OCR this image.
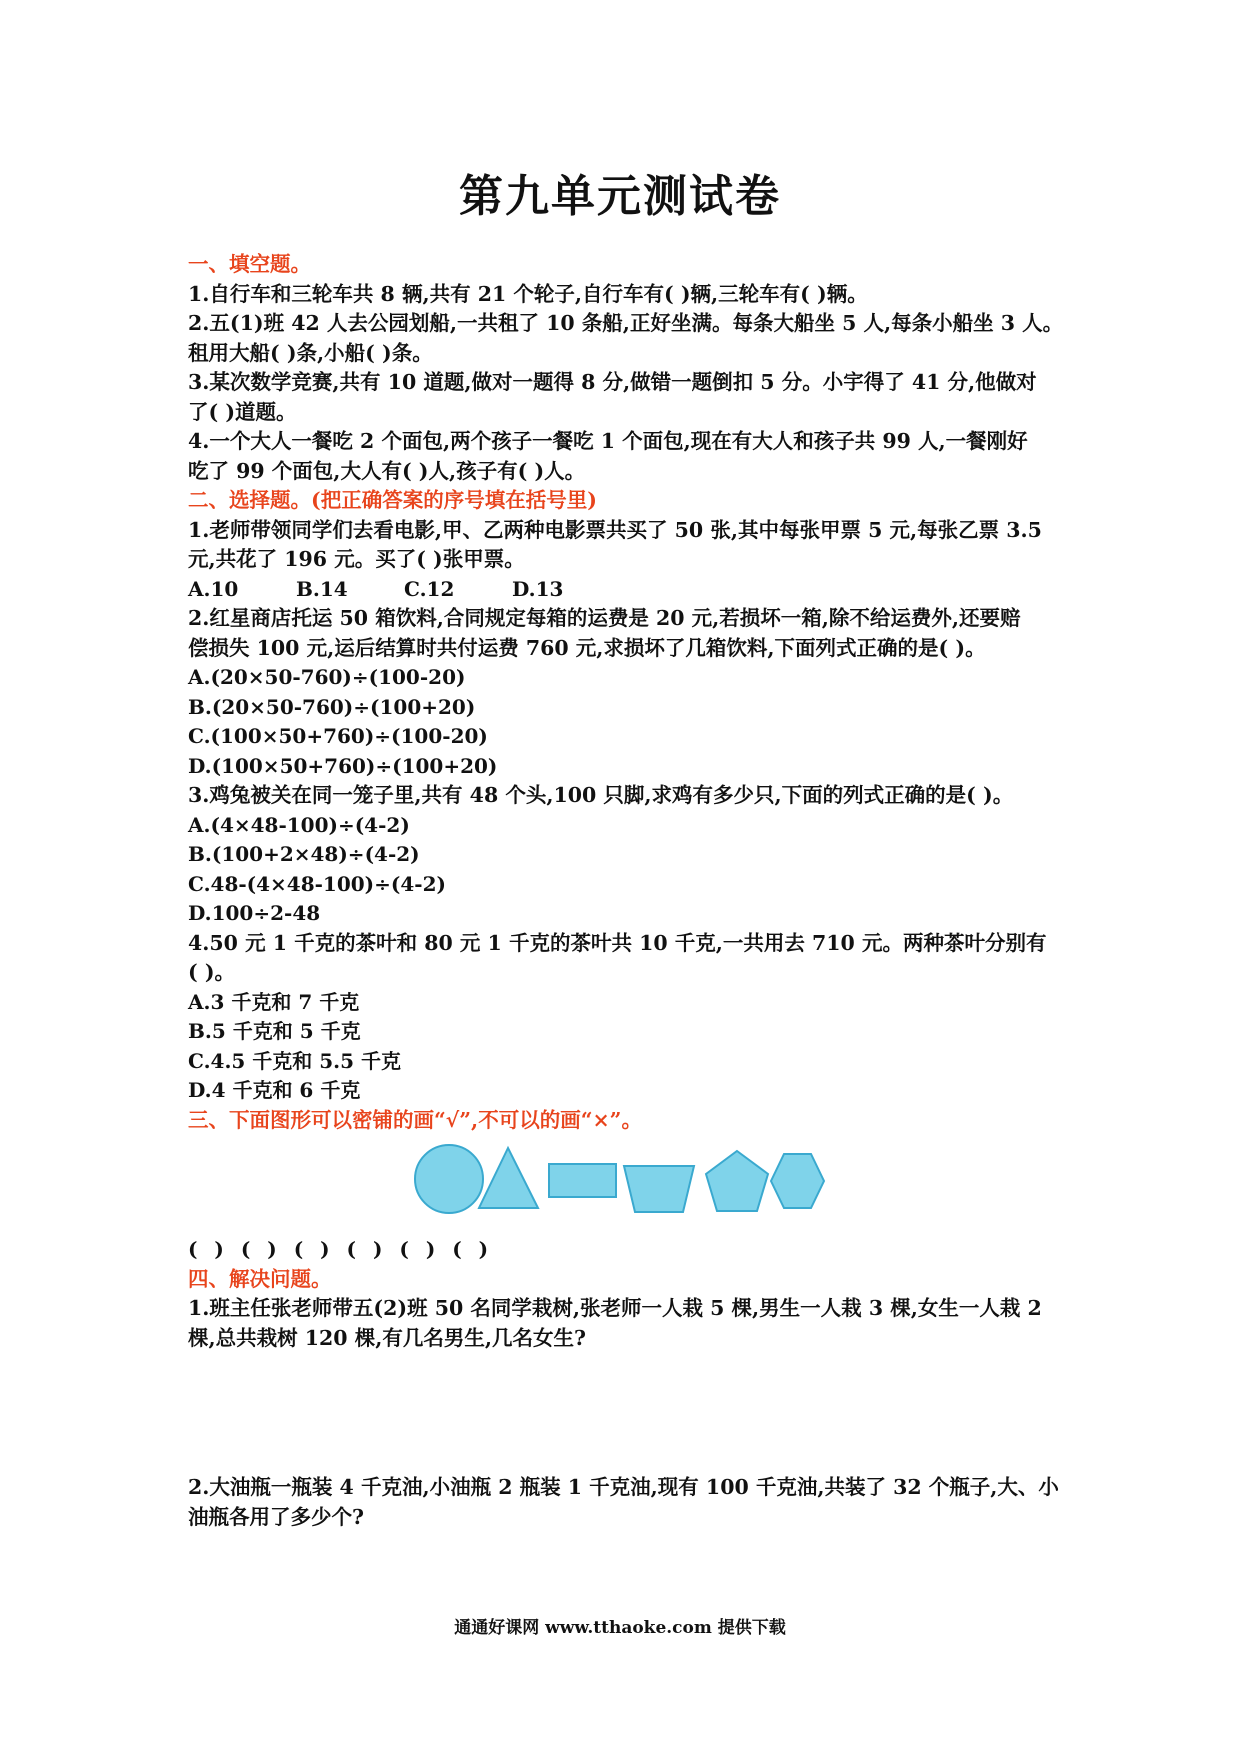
第九单元测试卷
一、填空题。
1.自行车和三轮车共 8 辆,共有 21 个轮子,自行车有( )辆,三轮车有( )辆。
2.五(1)班 42 人去公园划船,一共租了 10 条船,正好坐满。每条大船坐 5 人,每条小船坐 3 人。
租用大船( )条,小船( )条。
3.某次数学竞赛,共有 10 道题,做对一题得 8 分,做错一题倒扣 5 分。小宇得了 41 分,他做对
了( )道题。
4.一个大人一餐吃 2 个面包,两个孩子一餐吃 1 个面包,现在有大人和孩子共 99 人,一餐刚好
吃了 99 个面包,大人有( )人,孩子有( )人。
二、选择题。(把正确答案的序号填在括号里)
1.老师带领同学们去看电影,甲、乙两种电影票共买了 50 张,其中每张甲票 5 元,每张乙票 3.5
元,共花了 196 元。买了( )张甲票。
A.10	B.14	C.12	D.13
2.红星商店托运 50 箱饮料,合同规定每箱的运费是 20 元,若损坏一箱,除不给运费外,还要赔
偿损失 100 元,运后结算时共付运费 760 元,求损坏了几箱饮料,下面列式正确的是( )。
A.(20×50-760)÷(100-20)
B.(20×50-760)÷(100+20)
C.(100×50+760)÷(100-20)
D.(100×50+760)÷(100+20)
3.鸡兔被关在同一笼子里,共有 48 个头,100 只脚,求鸡有多少只,下面的列式正确的是( )。
A.(4×48-100)÷(4-2)
B.(100+2×48)÷(4-2)
C.48-(4×48-100)÷(4-2)
D.100÷2-48
4.50 元 1 千克的茶叶和 80 元 1 千克的茶叶共 10 千克,一共用去 710 元。两种茶叶分别有
( )。
A.3 千克和 7 千克
B.5 千克和 5 千克
C.4.5 千克和 5.5 千克
D.4 千克和 6 千克
三、下面图形可以密铺的画“√”,不可以的画“×”。
( ) ( ) ( ) ( ) ( ) ( )
四、解决问题。
1.班主任张老师带五(2)班 50 名同学栽树,张老师一人栽 5 棵,男生一人栽 3 棵,女生一人栽 2
棵,总共栽树 120 棵,有几名男生,几名女生?
2.大油瓶一瓶装 4 千克油,小油瓶 2 瓶装 1 千克油,现有 100 千克油,共装了 32 个瓶子,大、小
油瓶各用了多少个?
通通好课网 www.tthaoke.com 提供下载
